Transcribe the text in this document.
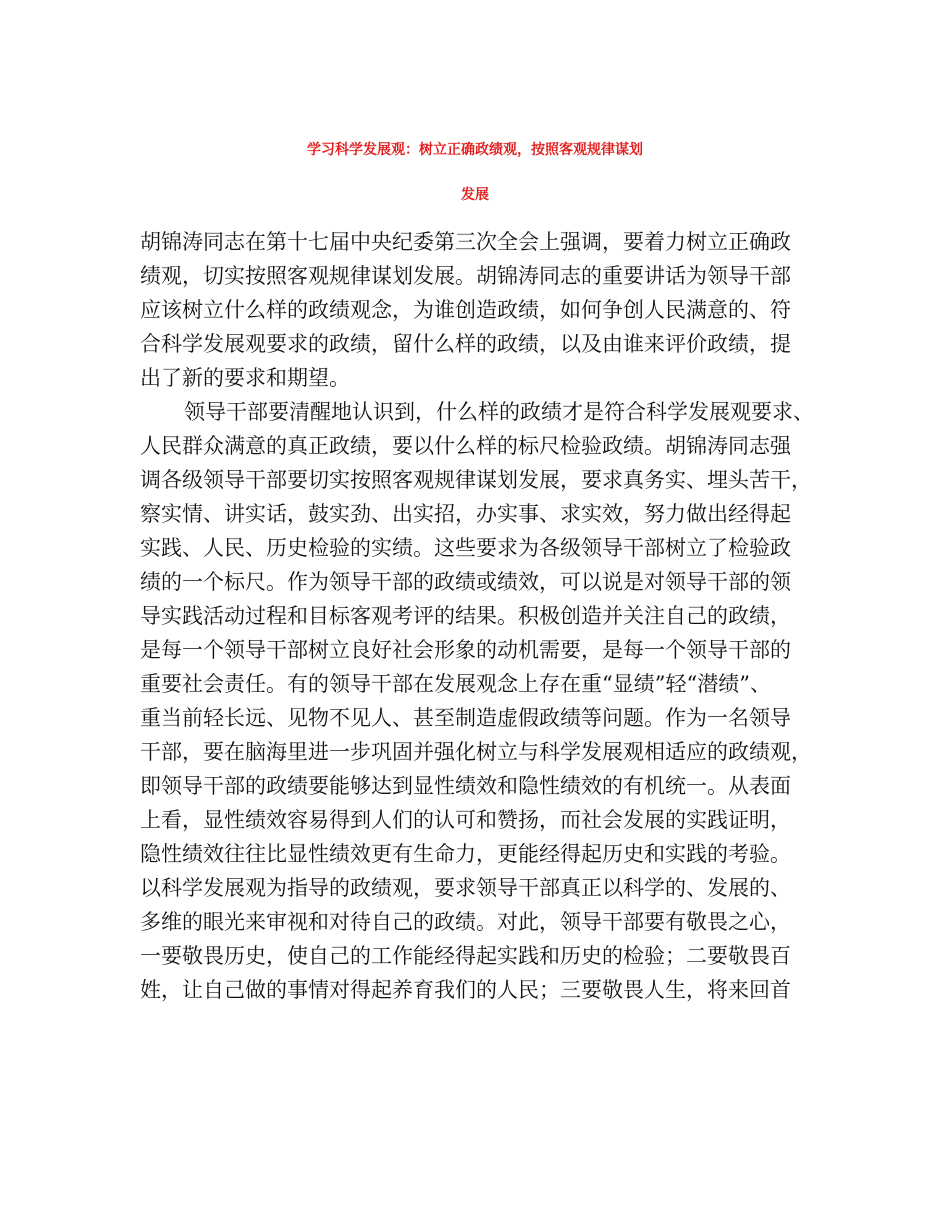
学习科学发展观：树立正确政绩观，按照客观规律谋划
发展

胡锦涛同志在第十七届中央纪委第三次全会上强调，要着力树立正确政

绩观，切实按照客观规律谋划发展。胡锦涛同志的重要讲话为领导干部

应该树立什么样的政绩观念，为谁创造政绩，如何争创人民满意的、符

合科学发展观要求的政绩，留什么样的政绩，以及由谁来评价政绩，提

出了新的要求和期望。

领导干部要清醒地认识到，什么样的政绩才是符合科学发展观要求、

人民群众满意的真正政绩，要以什么样的标尺检验政绩。胡锦涛同志强

调各级领导干部要切实按照客观规律谋划发展，要求真务实、埋头苦干，

察实情、讲实话，鼓实劲、出实招，办实事、求实效，努力做出经得起

实践、人民、历史检验的实绩。这些要求为各级领导干部树立了检验政

绩的一个标尺。作为领导干部的政绩或绩效，可以说是对领导干部的领

导实践活动过程和目标客观考评的结果。积极创造并关注自己的政绩，

是每一个领导干部树立良好社会形象的动机需要，是每一个领导干部的

重要社会责任。有的领导干部在发展观念上存在重“显绩”轻“潜绩”、

重当前轻长远、见物不见人、甚至制造虚假政绩等问题。作为一名领导

干部，要在脑海里进一步巩固并强化树立与科学发展观相适应的政绩观，

即领导干部的政绩要能够达到显性绩效和隐性绩效的有机统一。从表面

上看，显性绩效容易得到人们的认可和赞扬，而社会发展的实践证明，

隐性绩效往往比显性绩效更有生命力，更能经得起历史和实践的考验。

以科学发展观为指导的政绩观，要求领导干部真正以科学的、发展的、

多维的眼光来审视和对待自己的政绩。对此，领导干部要有敬畏之心，

一要敬畏历史，使自己的工作能经得起实践和历史的检验；二要敬畏百

姓，让自己做的事情对得起养育我们的人民；三要敬畏人生，将来回首
